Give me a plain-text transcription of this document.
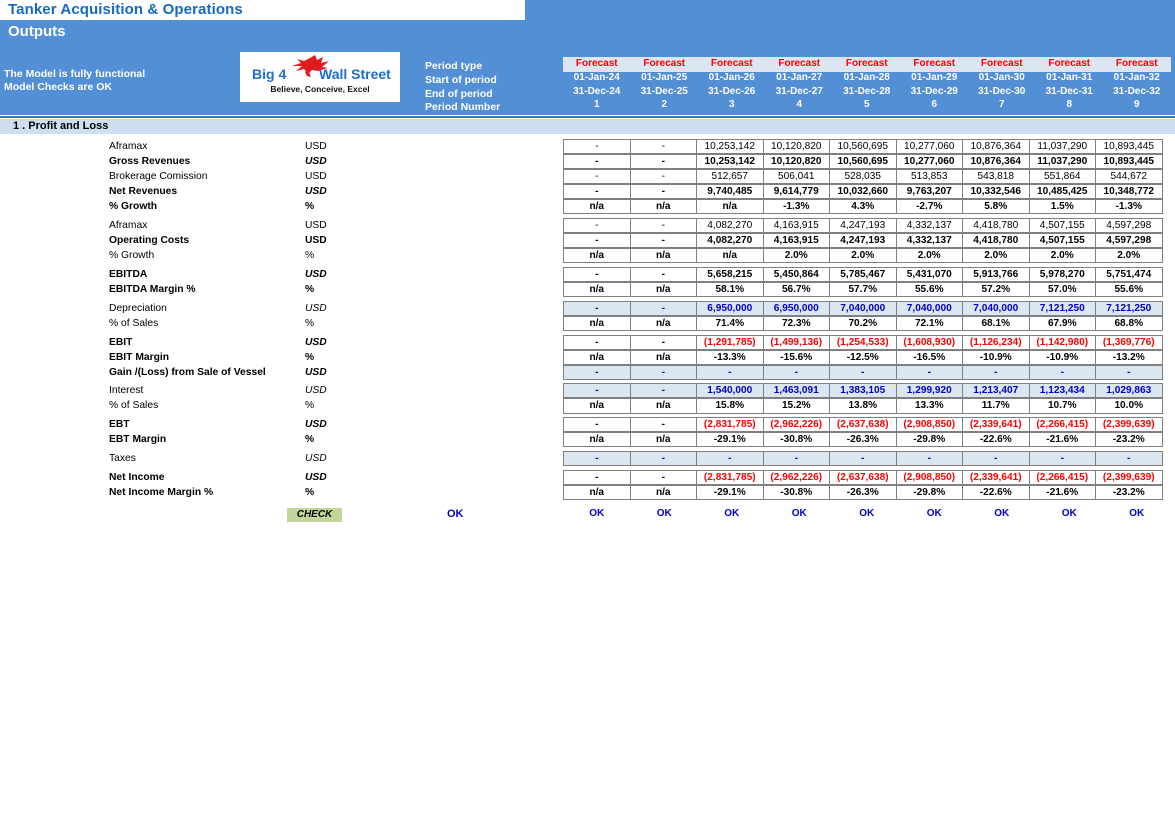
Tanker Acquisition & Operations
Outputs
The Model is fully functional
Model Checks are OK
Big 4 Wall Street
Believe, Conceive, Excel
Period type
Start of period
End of period
Period Number
Forecast	Forecast	Forecast	Forecast	Forecast	Forecast	Forecast	Forecast	Forecast
01-Jan-24	01-Jan-25	01-Jan-26	01-Jan-27	01-Jan-28	01-Jan-29	01-Jan-30	01-Jan-31	01-Jan-32
31-Dec-24	31-Dec-25	31-Dec-26	31-Dec-27	31-Dec-28	31-Dec-29	31-Dec-30	31-Dec-31	31-Dec-32
1	2	3	4	5	6	7	8	9
1 . Profit and Loss
Aframax	USD	-	-	10,253,142	10,120,820	10,560,695	10,277,060	10,876,364	11,037,290	10,893,445
Gross Revenues	USD	-	-	10,253,142	10,120,820	10,560,695	10,277,060	10,876,364	11,037,290	10,893,445
Brokerage Comission	USD	-	-	512,657	506,041	528,035	513,853	543,818	551,864	544,672
Net Revenues	USD	-	-	9,740,485	9,614,779	10,032,660	9,763,207	10,332,546	10,485,425	10,348,772
% Growth	%	n/a	n/a	n/a	-1.3%	4.3%	-2.7%	5.8%	1.5%	-1.3%
Aframax	USD	-	-	4,082,270	4,163,915	4,247,193	4,332,137	4,418,780	4,507,155	4,597,298
Operating Costs	USD	-	-	4,082,270	4,163,915	4,247,193	4,332,137	4,418,780	4,507,155	4,597,298
% Growth	%	n/a	n/a	n/a	2.0%	2.0%	2.0%	2.0%	2.0%	2.0%
EBITDA	USD	-	-	5,658,215	5,450,864	5,785,467	5,431,070	5,913,766	5,978,270	5,751,474
EBITDA Margin %	%	n/a	n/a	58.1%	56.7%	57.7%	55.6%	57.2%	57.0%	55.6%
Depreciation	USD	-	-	6,950,000	6,950,000	7,040,000	7,040,000	7,040,000	7,121,250	7,121,250
% of Sales	%	n/a	n/a	71.4%	72.3%	70.2%	72.1%	68.1%	67.9%	68.8%
EBIT	USD	-	-	(1,291,785)	(1,499,136)	(1,254,533)	(1,608,930)	(1,126,234)	(1,142,980)	(1,369,776)
EBIT Margin	%	n/a	n/a	-13.3%	-15.6%	-12.5%	-16.5%	-10.9%	-10.9%	-13.2%
Gain /(Loss) from Sale of Vessel	USD	-	-	-	-	-	-	-	-	-
Interest	USD	-	-	1,540,000	1,463,091	1,383,105	1,299,920	1,213,407	1,123,434	1,029,863
% of Sales	%	n/a	n/a	15.8%	15.2%	13.8%	13.3%	11.7%	10.7%	10.0%
EBT	USD	-	-	(2,831,785)	(2,962,226)	(2,637,638)	(2,908,850)	(2,339,641)	(2,266,415)	(2,399,639)
EBT Margin	%	n/a	n/a	-29.1%	-30.8%	-26.3%	-29.8%	-22.6%	-21.6%	-23.2%
Taxes	USD	-	-	-	-	-	-	-	-	-
Net Income	USD	-	-	(2,831,785)	(2,962,226)	(2,637,638)	(2,908,850)	(2,339,641)	(2,266,415)	(2,399,639)
Net Income Margin %	%	n/a	n/a	-29.1%	-30.8%	-26.3%	-29.8%	-22.6%	-21.6%	-23.2%
CHECK	OK	OK	OK	OK	OK	OK	OK	OK	OK	OK
